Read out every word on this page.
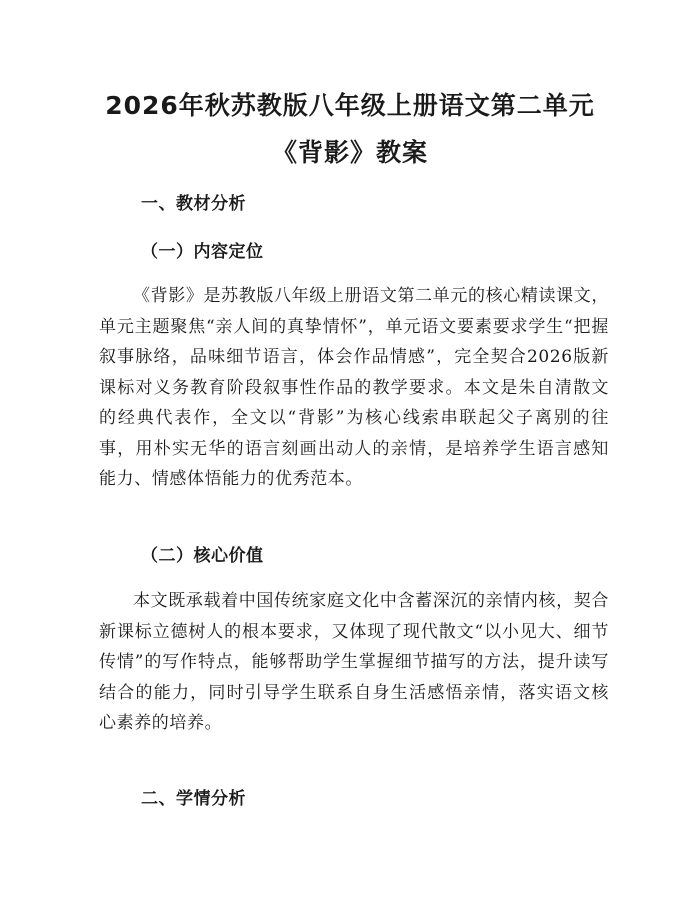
2026年秋苏教版八年级上册语文第二单元
《背影》教案
一、教材分析
（一）内容定位

《背影》是苏教版八年级上册语文第二单元的核心精读课文，单元主题聚焦“亲人间的真挚情怀”，单元语文要素要求学生“把握叙事脉络，品味细节语言，体会作品情感”，完全契合2026版新课标对义务教育阶段叙事性作品的教学要求。本文是朱自清散文的经典代表作，全文以“背影”为核心线索串联起父子离别的往事，用朴实无华的语言刻画出动人的亲情，是培养学生语言感知能力、情感体悟能力的优秀范本。

（二）核心价值

本文既承载着中国传统家庭文化中含蓄深沉的亲情内核，契合新课标立德树人的根本要求，又体现了现代散文“以小见大、细节传情”的写作特点，能够帮助学生掌握细节描写的方法，提升读写结合的能力，同时引导学生联系自身生活感悟亲情，落实语文核心素养的培养。

二、学情分析
